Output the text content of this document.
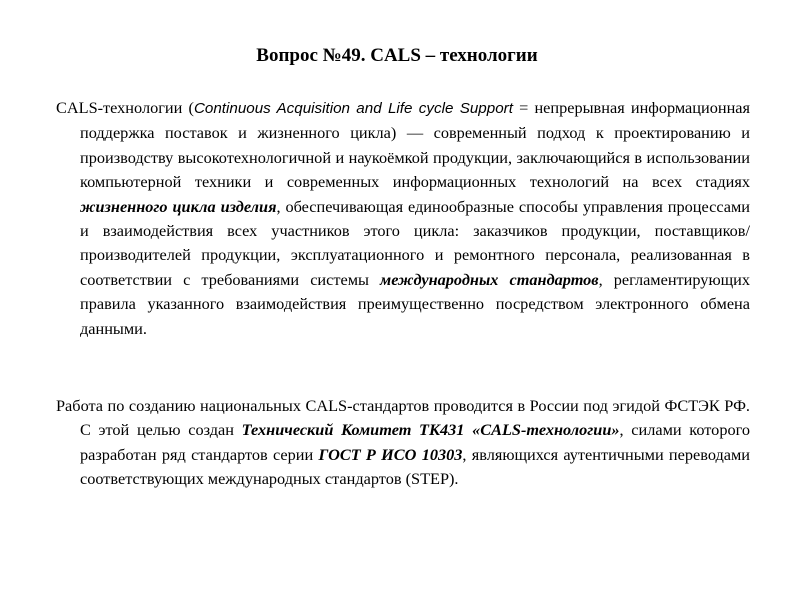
Вопрос №49. CALS – технологии

CALS-технологии (Continuous Acquisition and Life cycle Support = непрерывная информационная поддержка поставок и жизненного цикла) — современный подход к проектированию и производству высокотехнологичной и наукоёмкой продукции, заключающийся в использовании компьютерной техники и современных информационных технологий на всех стадиях жизненного цикла изделия, обеспечивающая единообразные способы управления процессами и взаимодействия всех участников этого цикла: заказчиков продукции, поставщиков/производителей продукции, эксплуатационного и ремонтного персонала, реализованная в соответствии с требованиями системы международных стандартов, регламентирующих правила указанного взаимодействия преимущественно посредством электронного обмена данными.

Работа по созданию национальных CALS-стандартов проводится в России под эгидой ФСТЭК РФ. С этой целью создан Технический Комитет ТК431 «CALS-технологии», силами которого разработан ряд стандартов серии ГОСТ Р ИСО 10303, являющихся аутентичными переводами соответствующих международных стандартов (STEP).
